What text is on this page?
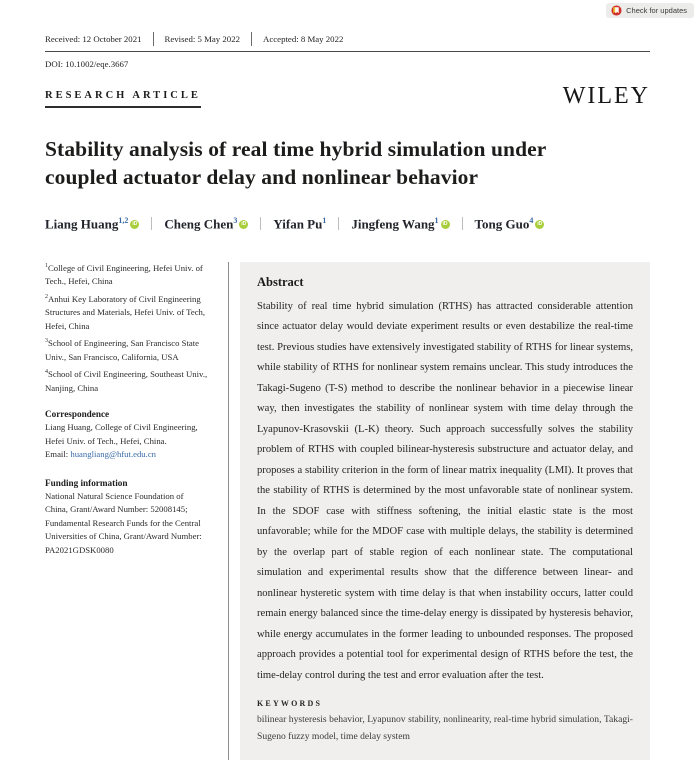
Check for updates
Received: 12 October 2021	Revised: 5 May 2022	Accepted: 8 May 2022
DOI: 10.1002/eqe.3667
RESEARCH ARTICLE	WILEY
Stability analysis of real time hybrid simulation under coupled actuator delay and nonlinear behavior
Liang Huang$^{1,2}$ iD Cheng Chen$^3$ iD Yifan Pu$^1$ Jingfeng Wang$^1$ iD Tong Guo$^4$ iD
$^1$College of Civil Engineering, Hefei Univ. of Tech., Hefei, China
$^2$Anhui Key Laboratory of Civil Engineering Structures and Materials, Hefei Univ. of Tech, Hefei, China
$^3$School of Engineering, San Francisco State Univ., San Francisco, California, USA
$^4$School of Civil Engineering, Southeast Univ., Nanjing, China
Correspondence
Liang Huang, College of Civil Engineering, Hefei Univ. of Tech., Hefei, China.
Email: huangliang@hfut.edu.cn
Funding information
National Natural Science Foundation of China, Grant/Award Number: 52008145; Fundamental Research Funds for the Central Universities of China, Grant/Award Number: PA2021GDSK0080
Abstract
Stability of real time hybrid simulation (RTHS) has attracted considerable attention since actuator delay would deviate experiment results or even destabilize the real-time test. Previous studies have extensively investigated stability of RTHS for linear systems, while stability of RTHS for nonlinear system remains unclear. This study introduces the Takagi-Sugeno (T-S) method to describe the nonlinear behavior in a piecewise linear way, then investigates the stability of nonlinear system with time delay through the Lyapunov-Krasovskii (L-K) theory. Such approach successfully solves the stability problem of RTHS with coupled bilinear-hysteresis substructure and actuator delay, and proposes a stability criterion in the form of linear matrix inequality (LMI). It proves that the stability of RTHS is determined by the most unfavorable state of nonlinear system. In the SDOF case with stiffness softening, the initial elastic state is the most unfavorable; while for the MDOF case with multiple delays, the stability is determined by the overlap part of stable region of each nonlinear state. The computational simulation and experimental results show that the difference between linear- and nonlinear hysteretic system with time delay is that when instability occurs, latter could remain energy balanced since the time-delay energy is dissipated by hysteresis behavior, while energy accumulates in the former leading to unbounded responses. The proposed approach provides a potential tool for experimental design of RTHS before the test, the time-delay control during the test and error evaluation after the test.
KEYWORDS
bilinear hysteresis behavior, Lyapunov stability, nonlinearity, real-time hybrid simulation, Takagi-Sugeno fuzzy model, time delay system
